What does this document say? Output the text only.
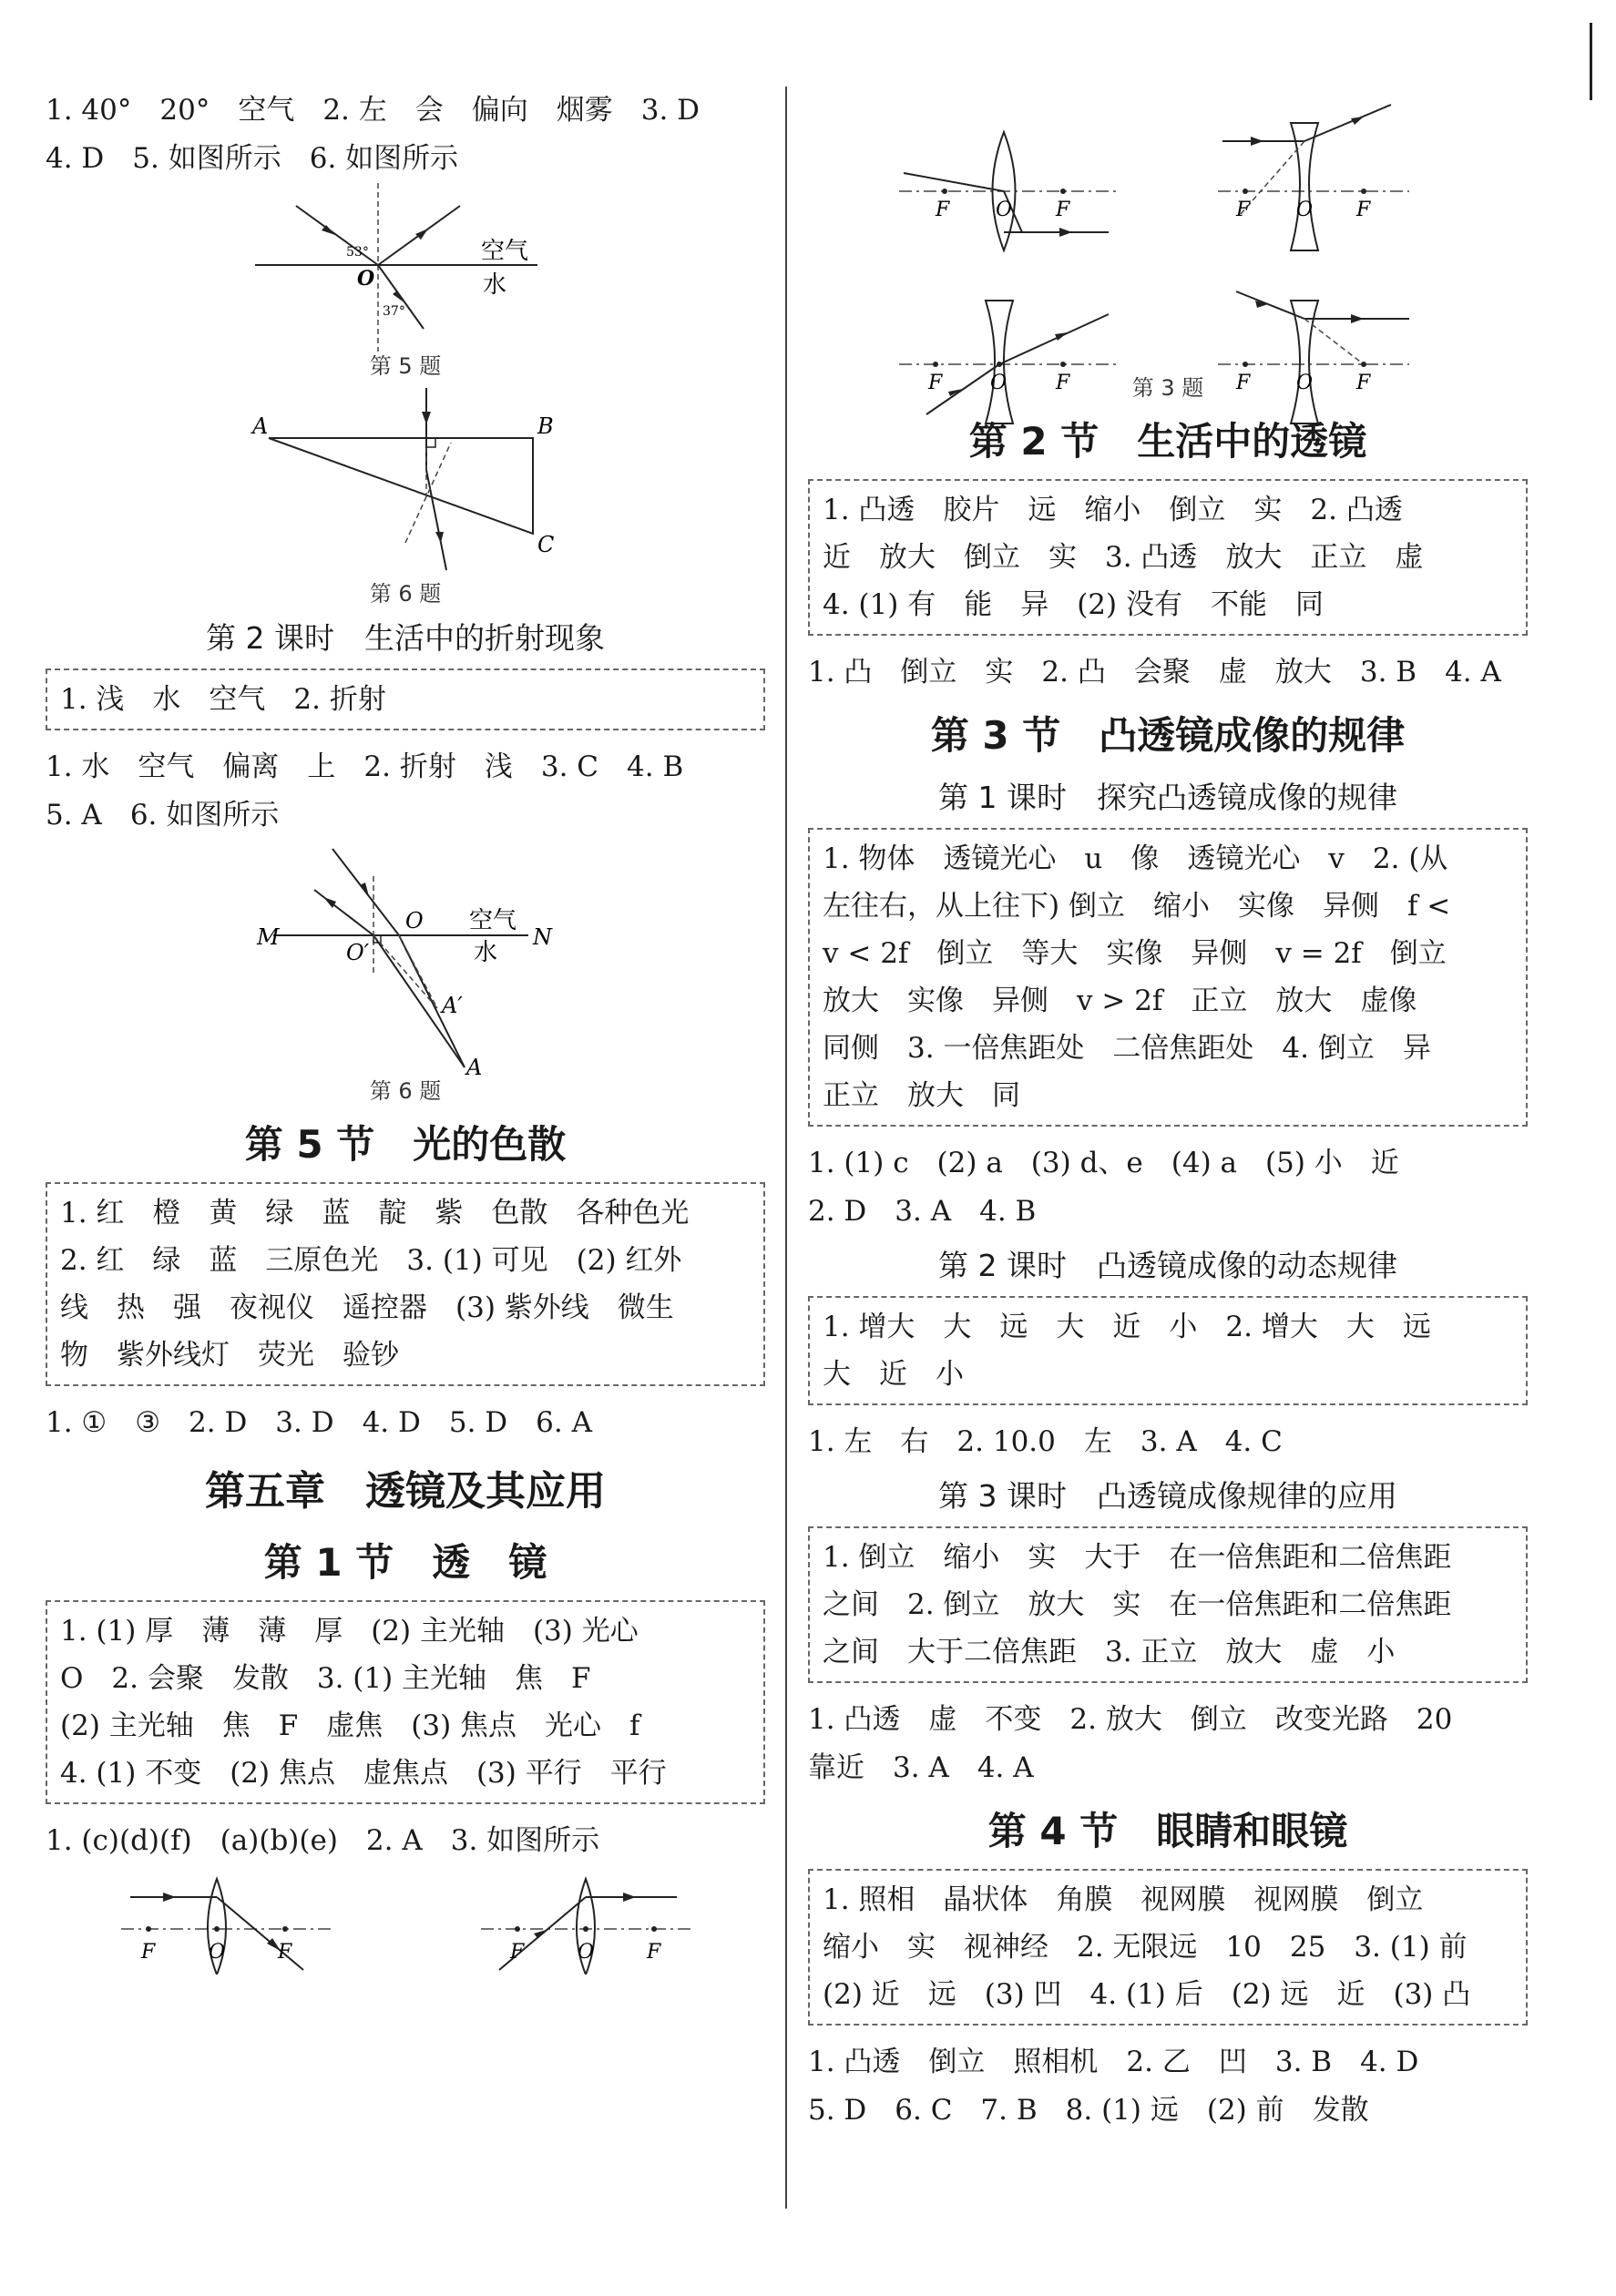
1. 40°　20°　空气　2. 左　会　偏向　烟雾　3. D
4. D　5. 如图所示　6. 如图所示
53°
37°
O
空气
水
第 5 题
A	B
C
第 6 题
第 2 课时　生活中的折射现象
1. 浅　水　空气　2. 折射
1. 水　空气　偏离　上　2. 折射　浅　3. C　4. B
5. A　6. 如图所示
M	N
O
O′
A′
A
空气
水
第 6 题
第 5 节　光的色散
1. 红　橙　黄　绿　蓝　靛　紫　色散　各种色光
2. 红　绿　蓝　三原色光　3. (1) 可见　(2) 红外
线　热　强　夜视仪　遥控器　(3) 紫外线　微生
物　紫外线灯　荧光　验钞
1. ①　③　2. D　3. D　4. D　5. D　6. A
第五章　透镜及其应用
第 1 节　透　镜
1. (1) 厚　薄　薄　厚　(2) 主光轴　(3) 光心
O　2. 会聚　发散　3. (1) 主光轴　焦　F
(2) 主光轴　焦　F　虚焦　(3) 焦点　光心　f
4. (1) 不变　(2) 焦点　虚焦点　(3) 平行　平行
1. (c)(d)(f)　(a)(b)(e)　2. A　3. 如图所示
F	O	F	F	O	F
F O F	F O F
F O F	F O F
第 3 题
第 2 节　生活中的透镜
1. 凸透　胶片　远　缩小　倒立　实　2. 凸透
近　放大　倒立　实　3. 凸透　放大　正立　虚
4. (1) 有　能　异　(2) 没有　不能　同
1. 凸　倒立　实　2. 凸　会聚　虚　放大　3. B　4. A
第 3 节　凸透镜成像的规律
第 1 课时　探究凸透镜成像的规律
1. 物体　透镜光心　u　像　透镜光心　v　2. (从
左往右，从上往下) 倒立　缩小　实像　异侧　f <
v < 2f　倒立　等大　实像　异侧　v = 2f　倒立
放大　实像　异侧　v > 2f　正立　放大　虚像
同侧　3. 一倍焦距处　二倍焦距处　4. 倒立　异
正立　放大　同
1. (1) c　(2) a　(3) d、e　(4) a　(5) 小　近
2. D　3. A　4. B
第 2 课时　凸透镜成像的动态规律
1. 增大　大　远　大　近　小　2. 增大　大　远
大　近　小
1. 左　右　2. 10.0　左　3. A　4. C
第 3 课时　凸透镜成像规律的应用
1. 倒立　缩小　实　大于　在一倍焦距和二倍焦距
之间　2. 倒立　放大　实　在一倍焦距和二倍焦距
之间　大于二倍焦距　3. 正立　放大　虚　小
1. 凸透　虚　不变　2. 放大　倒立　改变光路　20
靠近　3. A　4. A
第 4 节　眼睛和眼镜
1. 照相　晶状体　角膜　视网膜　视网膜　倒立
缩小　实　视神经　2. 无限远　10　25　3. (1) 前
(2) 近　远　(3) 凹　4. (1) 后　(2) 远　近　(3) 凸
1. 凸透　倒立　照相机　2. 乙　凹　3. B　4. D
5. D　6. C　7. B　8. (1) 远　(2) 前　发散
